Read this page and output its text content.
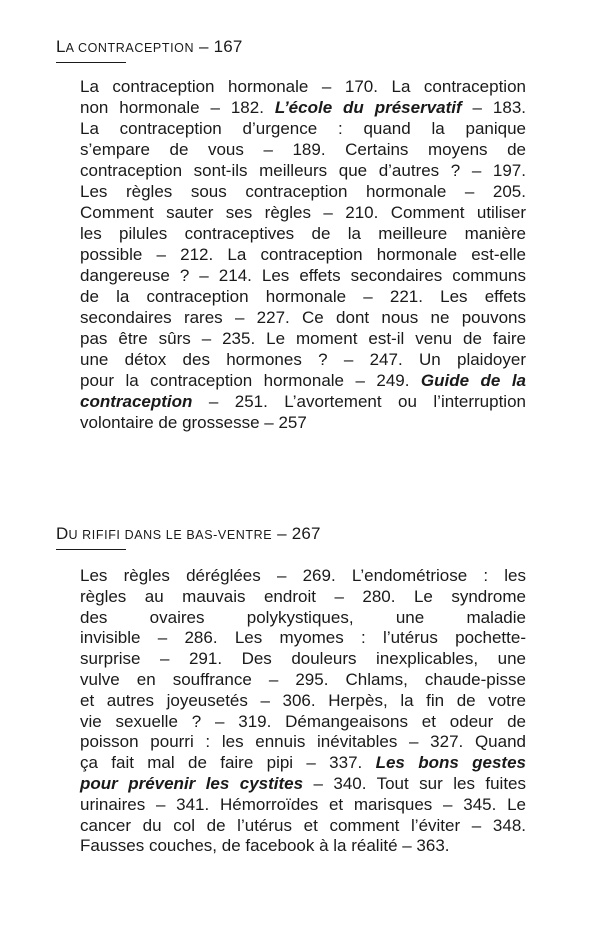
LA CONTRACEPTION – 167
La contraception hormonale – 170. La contraception
non hormonale – 182. L’école du préservatif – 183.
La contraception d’urgence : quand la panique
s’empare de vous – 189. Certains moyens de
contraception sont-ils meilleurs que d’autres ? – 197.
Les règles sous contraception hormonale – 205.
Comment sauter ses règles – 210. Comment utiliser
les pilules contraceptives de la meilleure manière
possible – 212. La contraception hormonale est-elle
dangereuse ? – 214. Les effets secondaires communs
de la contraception hormonale – 221. Les effets
secondaires rares – 227. Ce dont nous ne pouvons
pas être sûrs – 235. Le moment est-il venu de faire
une détox des hormones ? – 247. Un plaidoyer
pour la contraception hormonale – 249. Guide de la
contraception – 251. L’avortement ou l’interruption
volontaire de grossesse – 257
DU RIFIFI DANS LE BAS-VENTRE – 267
Les règles déréglées – 269. L’endométriose : les
règles au mauvais endroit – 280. Le syndrome
des ovaires polykystiques, une maladie
invisible – 286. Les myomes : l’utérus pochette-
surprise – 291. Des douleurs inexplicables, une
vulve en souffrance – 295. Chlams, chaude-pisse
et autres joyeusetés – 306. Herpès, la fin de votre
vie sexuelle ? – 319. Démangeaisons et odeur de
poisson pourri : les ennuis inévitables – 327. Quand
ça fait mal de faire pipi – 337. Les bons gestes
pour prévenir les cystites – 340. Tout sur les fuites
urinaires – 341. Hémorroïdes et marisques – 345. Le
cancer du col de l’utérus et comment l’éviter – 348.
Fausses couches, de facebook à la réalité – 363.
